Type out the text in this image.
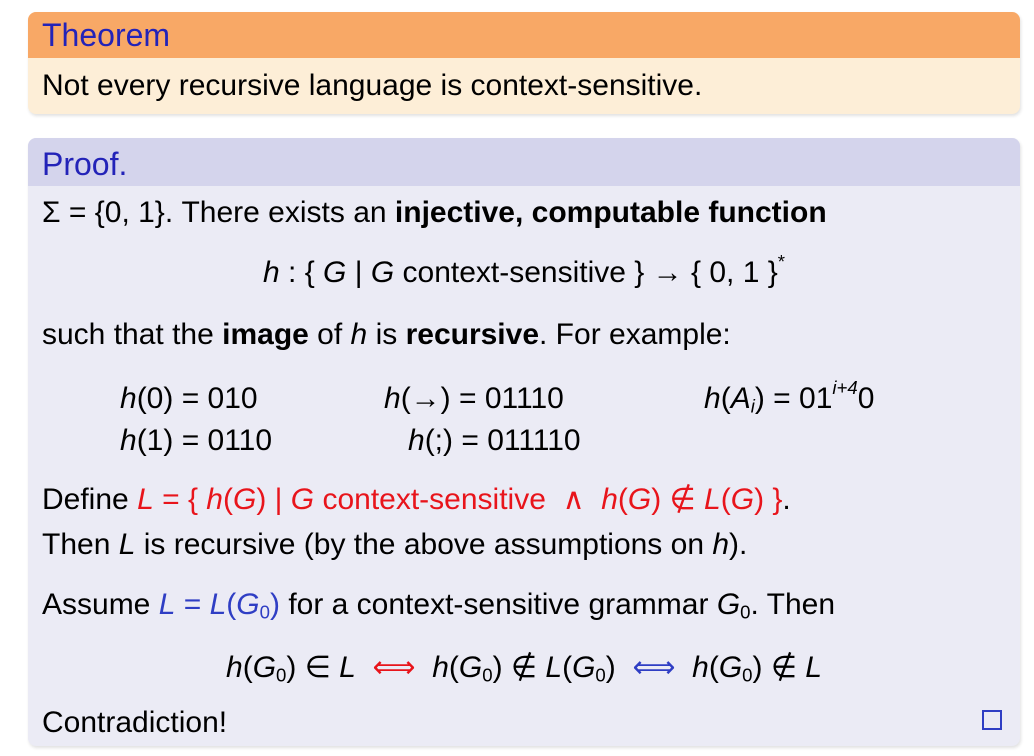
Theorem
Not every recursive language is context-sensitive.
Proof.
Σ = {0, 1}. There exists an injective, computable function
h : { G | G context-sensitive } → { 0, 1 }*
such that the image of h is recursive. For example:
h(0) = 010	h(→) = 01110	$h(A_i) = 01^{i+4}0$
h(1) = 0110	h(;) = 011110
Define L = { h(G) | G context-sensitive  ∧  h(G) ∉ L(G) }.
Then L is recursive (by the above assumptions on h).
Assume $L = L(G_0)$ for a context-sensitive grammar $G_0$. Then
$h(G_0)$ ∈ L ⟺ $h(G_0)$ ∉ $L(G_0)$  ⟺ $h(G_0)$ ∉ L
Contradiction!
